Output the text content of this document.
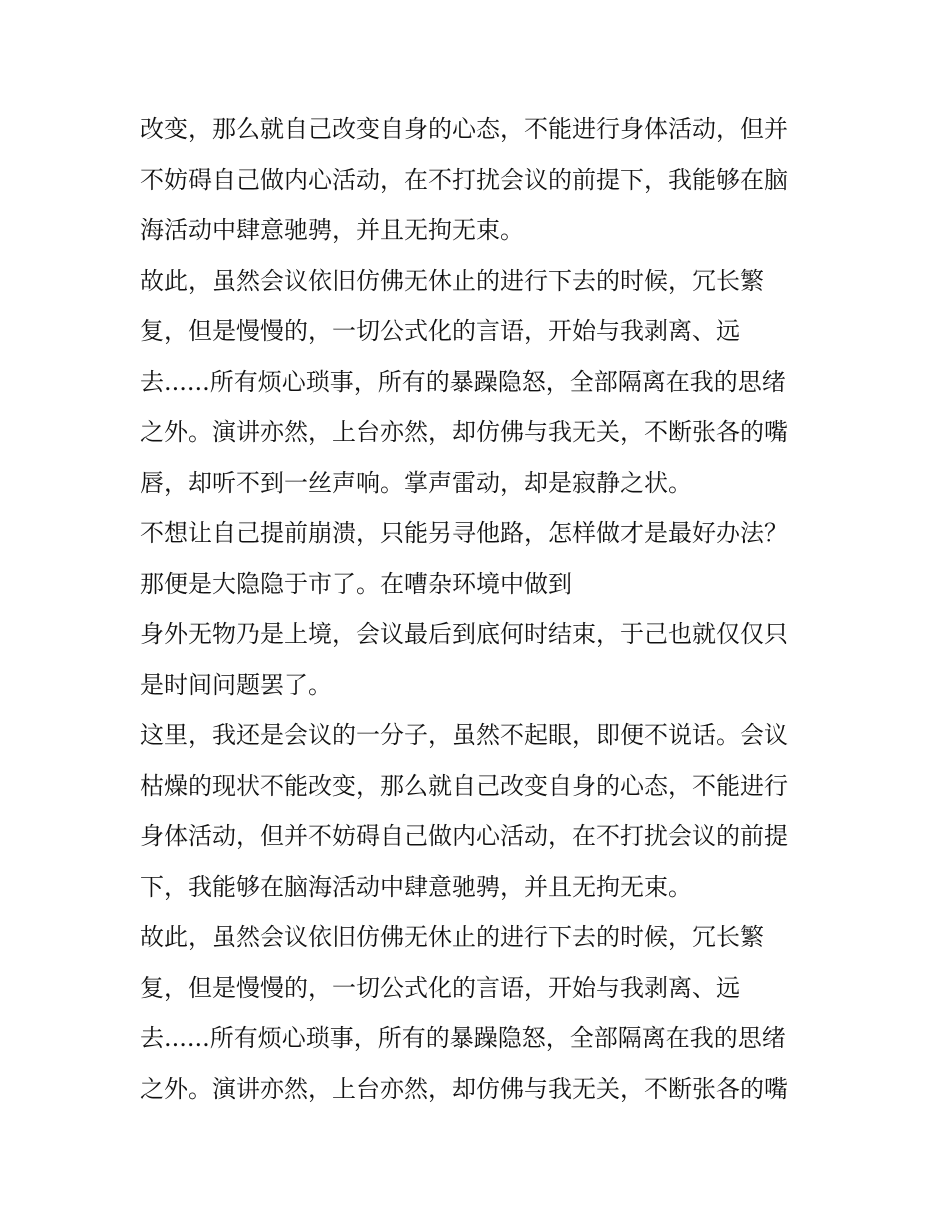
改变，那么就自己改变自身的心态，不能进行身体活动，但并
不妨碍自己做内心活动，在不打扰会议的前提下，我能够在脑
海活动中肆意驰骋，并且无拘无束。
故此，虽然会议依旧仿佛无休止的进行下去的时候，冗长繁
复，但是慢慢的，一切公式化的言语，开始与我剥离、远
去......所有烦心琐事，所有的暴躁隐怒，全部隔离在我的思绪
之外。演讲亦然，上台亦然，却仿佛与我无关，不断张各的嘴
唇，却听不到一丝声响。掌声雷动，却是寂静之状。
不想让自己提前崩溃，只能另寻他路，怎样做才是最好办法？
那便是大隐隐于市了。在嘈杂环境中做到
身外无物乃是上境，会议最后到底何时结束，于己也就仅仅只
是时间问题罢了。
这里，我还是会议的一分子，虽然不起眼，即便不说话。会议
枯燥的现状不能改变，那么就自己改变自身的心态，不能进行
身体活动，但并不妨碍自己做内心活动，在不打扰会议的前提
下，我能够在脑海活动中肆意驰骋，并且无拘无束。
故此，虽然会议依旧仿佛无休止的进行下去的时候，冗长繁
复，但是慢慢的，一切公式化的言语，开始与我剥离、远
去......所有烦心琐事，所有的暴躁隐怒，全部隔离在我的思绪
之外。演讲亦然，上台亦然，却仿佛与我无关，不断张各的嘴
